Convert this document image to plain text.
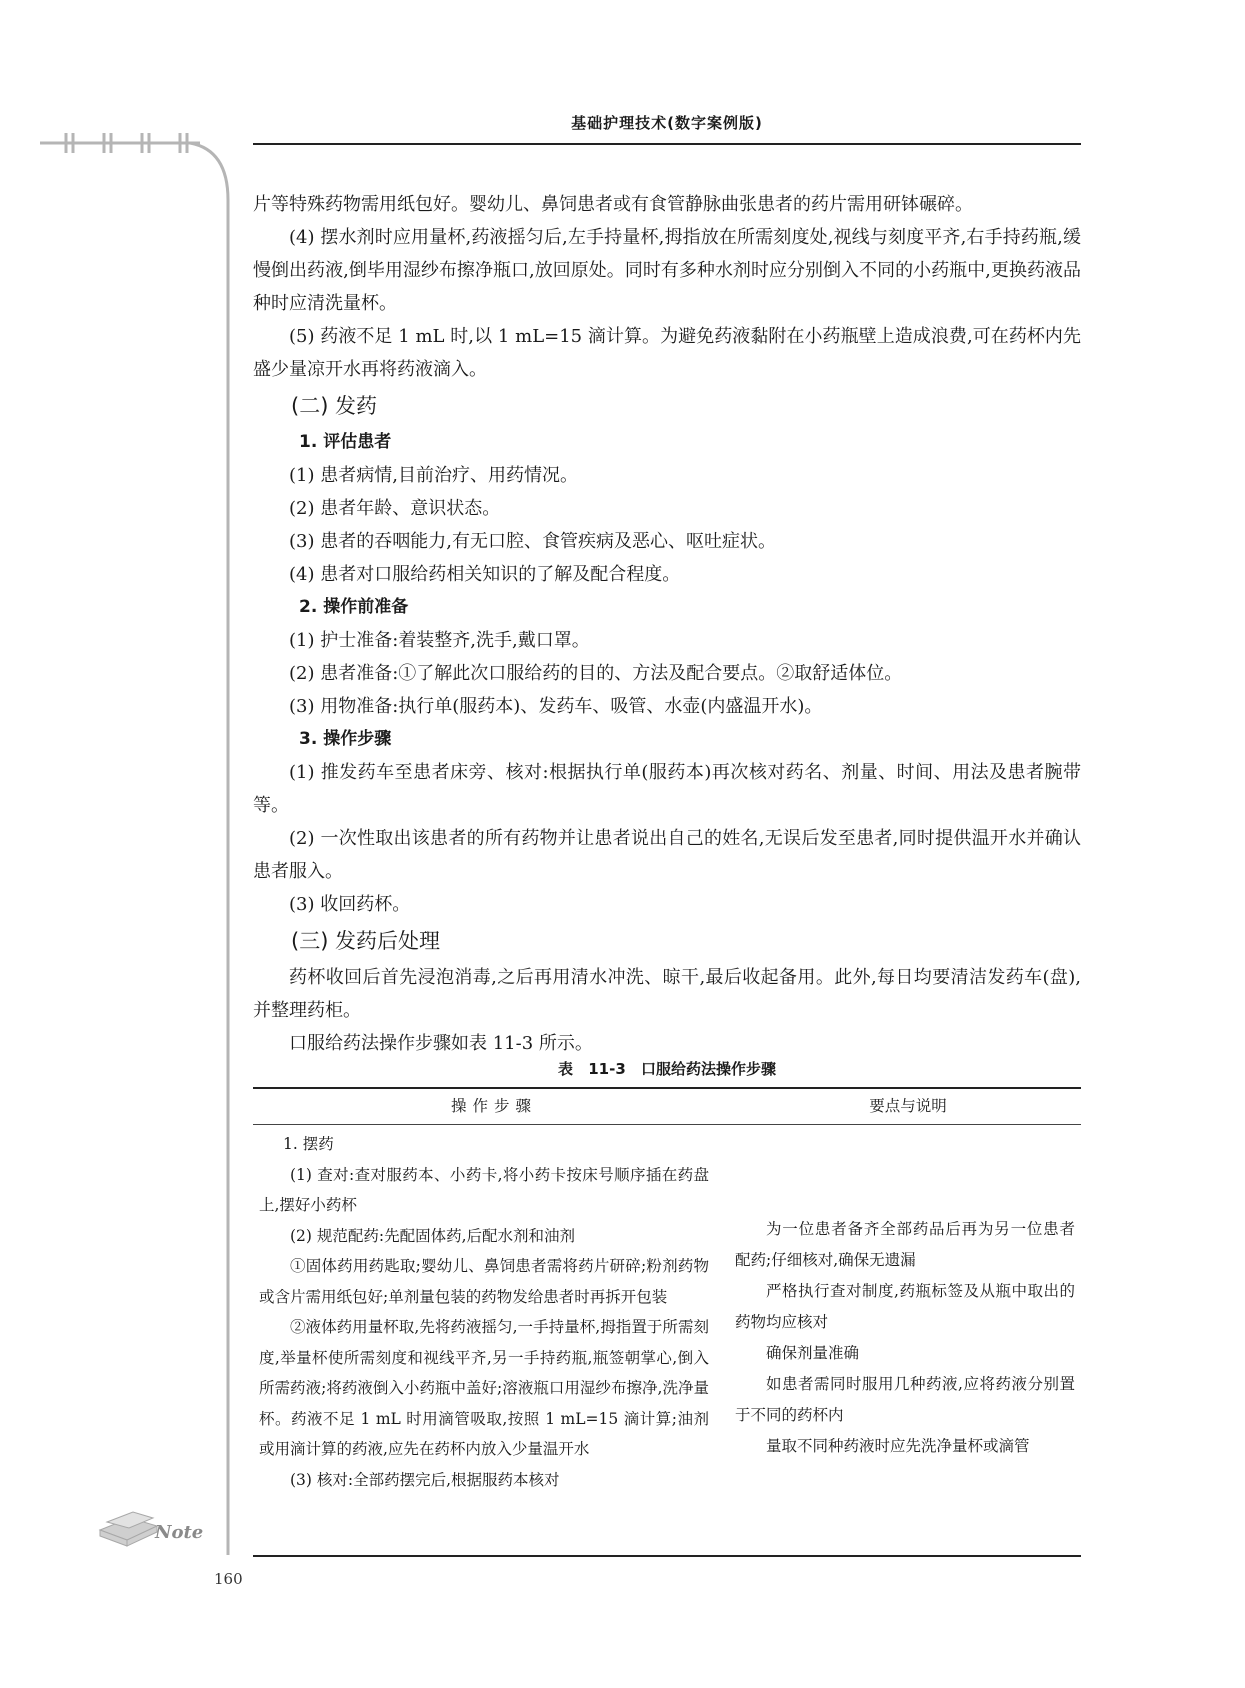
基础护理技术(数字案例版)

片等特殊药物需用纸包好。婴幼儿、鼻饲患者或有食管静脉曲张患者的药片需用研钵碾碎。

(4) 摆水剂时应用量杯,药液摇匀后,左手持量杯,拇指放在所需刻度处,视线与刻度平齐,右手持药瓶,缓慢倒出药液,倒毕用湿纱布擦净瓶口,放回原处。同时有多种水剂时应分别倒入不同的小药瓶中,更换药液品种时应清洗量杯。

(5) 药液不足 1 mL 时,以 1 mL=15 滴计算。为避免药液黏附在小药瓶壁上造成浪费,可在药杯内先盛少量凉开水再将药液滴入。

(二) 发药

1. 评估患者

(1) 患者病情,目前治疗、用药情况。

(2) 患者年龄、意识状态。

(3) 患者的吞咽能力,有无口腔、食管疾病及恶心、呕吐症状。

(4) 患者对口服给药相关知识的了解及配合程度。

2. 操作前准备

(1) 护士准备:着装整齐,洗手,戴口罩。

(2) 患者准备:①了解此次口服给药的目的、方法及配合要点。②取舒适体位。

(3) 用物准备:执行单(服药本)、发药车、吸管、水壶(内盛温开水)。

3. 操作步骤

(1) 推发药车至患者床旁、核对:根据执行单(服药本)再次核对药名、剂量、时间、用法及患者腕带等。

(2) 一次性取出该患者的所有药物并让患者说出自己的姓名,无误后发至患者,同时提供温开水并确认患者服入。

(3) 收回药杯。

(三) 发药后处理

药杯收回后首先浸泡消毒,之后再用清水冲洗、晾干,最后收起备用。此外,每日均要清洁发药车(盘),并整理药柜。

口服给药法操作步骤如表 11-3 所示。

表 11-3 口服给药法操作步骤
操作步骤	要点与说明

1. 摆药

(1) 查对:查对服药本、小药卡,将小药卡按床号顺序插在药盘上,摆好小药杯

(2) 规范配药:先配固体药,后配水剂和油剂

①固体药用药匙取;婴幼儿、鼻饲患者需将药片研碎;粉剂药物或含片需用纸包好;单剂量包装的药物发给患者时再拆开包装

②液体药用量杯取,先将药液摇匀,一手持量杯,拇指置于所需刻度,举量杯使所需刻度和视线平齐,另一手持药瓶,瓶签朝掌心,倒入所需药液;将药液倒入小药瓶中盖好;溶液瓶口用湿纱布擦净,洗净量杯。药液不足 1 mL 时用滴管吸取,按照 1 mL=15 滴计算;油剂或用滴计算的药液,应先在药杯内放入少量温开水

(3) 核对:全部药摆完后,根据服药本核对

为一位患者备齐全部药品后再为另一位患者配药;仔细核对,确保无遗漏

严格执行查对制度,药瓶标签及从瓶中取出的药物均应核对

确保剂量准确

如患者需同时服用几种药液,应将药液分别置于不同的药杯内

量取不同种药液时应先洗净量杯或滴管

Note
160
